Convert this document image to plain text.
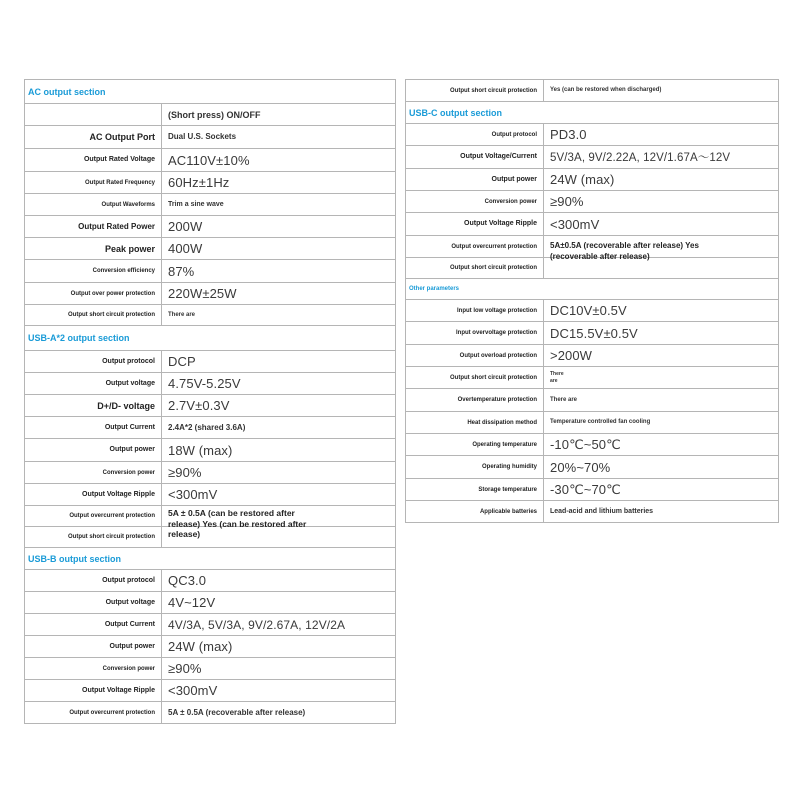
AC output section	
	(Short press) ON/OFF
AC Output Port	Dual U.S. Sockets
Output Rated Voltage	AC110V±10%
Output Rated Frequency	60Hz±1Hz
Output Waveforms	Trim a sine wave
Output Rated Power	200W
Peak power	400W
Conversion efficiency	87%
Output over power protection	220W±25W
Output short circuit protection	There are

USB-A*2 output section	
Output protocol	DCP
Output voltage	4.75V-5.25V
D+/D- voltage	2.7V±0.3V
Output Current	2.4A*2 (shared 3.6A)
Output power	18W (max)
Conversion power	≥90%
Output Voltage Ripple	<300mV
Output overcurrent protection	5A ± 0.5A (can be restored after release) Yes (can be restored after release)

Output short circuit protection	
USB-B output section	
Output protocol	QC3.0
Output voltage	4V~12V
Output Current	4V/3A, 5V/3A, 9V/2.67A, 12V/2A
Output power	24W (max)
Conversion power	≥90%
Output Voltage Ripple	<300mV
Output overcurrent protection	5A ± 0.5A (recoverable after release)
Output short circuit protection	Yes (can be restored when discharged)
USB-C output section	
Output protocol	PD3.0
Output Voltage/Current	5V/3A, 9V/2.22A, 12V/1.67A～12V
Output power	24W (max)
Conversion power	≥90%
Output Voltage Ripple	<300mV
Output overcurrent protection	5A±0.5A (recoverable after release) Yes (recoverable after release)

Output short circuit protection	
Other parameters	
Input low voltage protection	DC10V±0.5V
Input overvoltage protection	DC15.5V±0.5V
Output overload protection	>200W
Output short circuit protection	There are

Overtemperature protection	There are

Heat dissipation method	Temperature controlled fan cooling

Operating temperature	-10℃~50℃
Operating humidity	20%~70%
Storage temperature	-30℃~70℃
Applicable batteries	Lead-acid and lithium batteries
